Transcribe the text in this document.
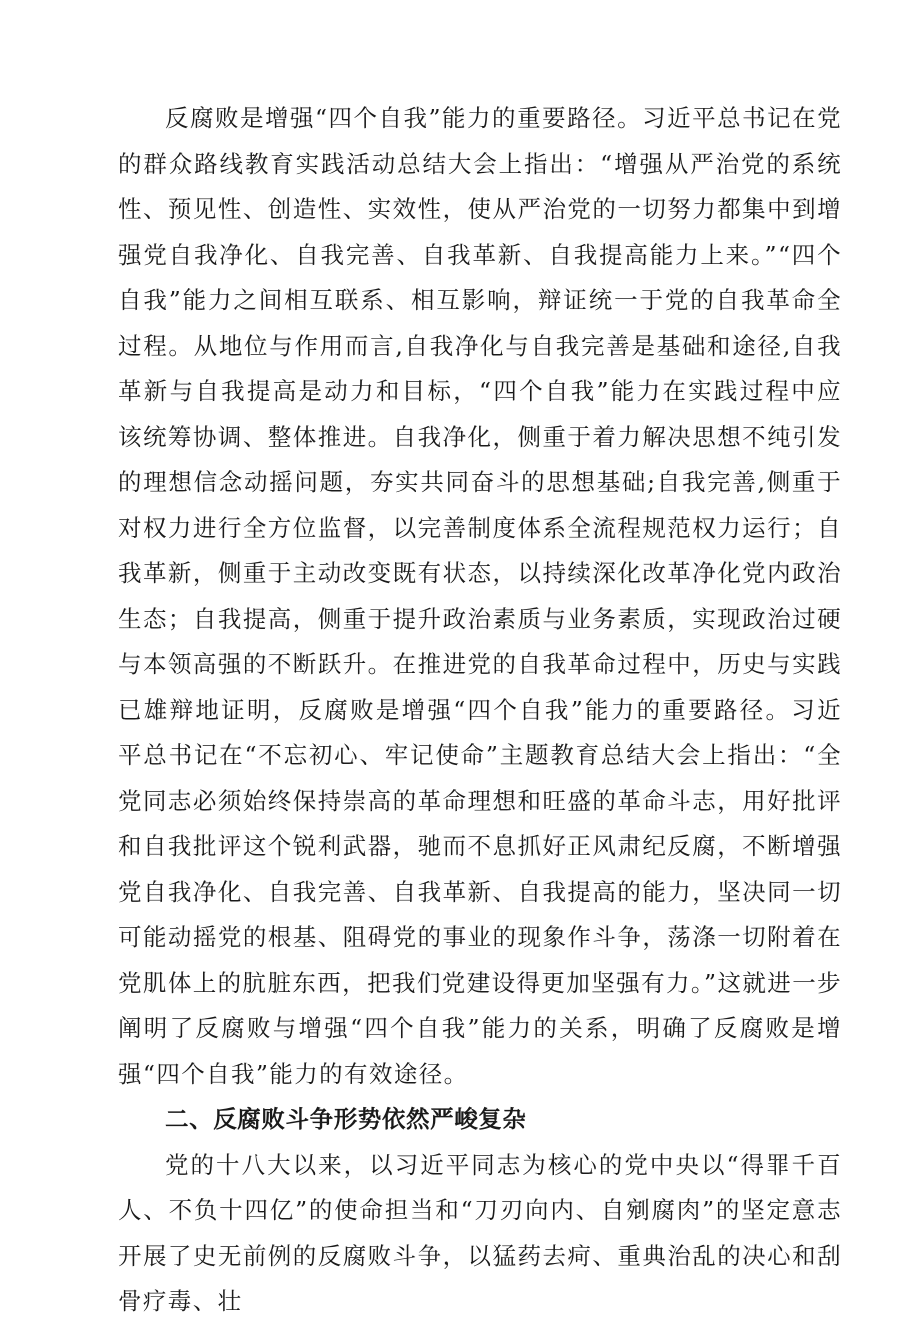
反腐败是增强“四个自我”能力的重要路径。习近平总书记在党的群众路线教育实践活动总结大会上指出：“增强从严治党的系统性、预见性、创造性、实效性，使从严治党的一切努力都集中到增强党自我净化、自我完善、自我革新、自我提高能力上来。”“四个自我”能力之间相互联系、相互影响，辩证统一于党的自我革命全过程。从地位与作用而言,自我净化与自我完善是基础和途径,自我革新与自我提高是动力和目标，“四个自我”能力在实践过程中应该统筹协调、整体推进。自我净化，侧重于着力解决思想不纯引发的理想信念动摇问题，夯实共同奋斗的思想基础;自我完善,侧重于对权力进行全方位监督，以完善制度体系全流程规范权力运行；自我革新，侧重于主动改变既有状态，以持续深化改革净化党内政治生态；自我提高，侧重于提升政治素质与业务素质，实现政治过硬与本领高强的不断跃升。在推进党的自我革命过程中，历史与实践已雄辩地证明，反腐败是增强“四个自我”能力的重要路径。习近平总书记在“不忘初心、牢记使命”主题教育总结大会上指出：“全党同志必须始终保持崇高的革命理想和旺盛的革命斗志，用好批评和自我批评这个锐利武器，驰而不息抓好正风肃纪反腐，不断增强党自我净化、自我完善、自我革新、自我提高的能力，坚决同一切可能动摇党的根基、阻碍党的事业的现象作斗争，荡涤一切附着在党肌体上的肮脏东西，把我们党建设得更加坚强有力。”这就进一步阐明了反腐败与增强“四个自我”能力的关系，明确了反腐败是增强“四个自我”能力的有效途径。

二、反腐败斗争形势依然严峻复杂

党的十八大以来，以习近平同志为核心的党中央以“得罪千百人、不负十四亿”的使命担当和“刀刃向内、自剜腐肉”的坚定意志开展了史无前例的反腐败斗争，以猛药去疴、重典治乱的决心和刮骨疗毒、壮
